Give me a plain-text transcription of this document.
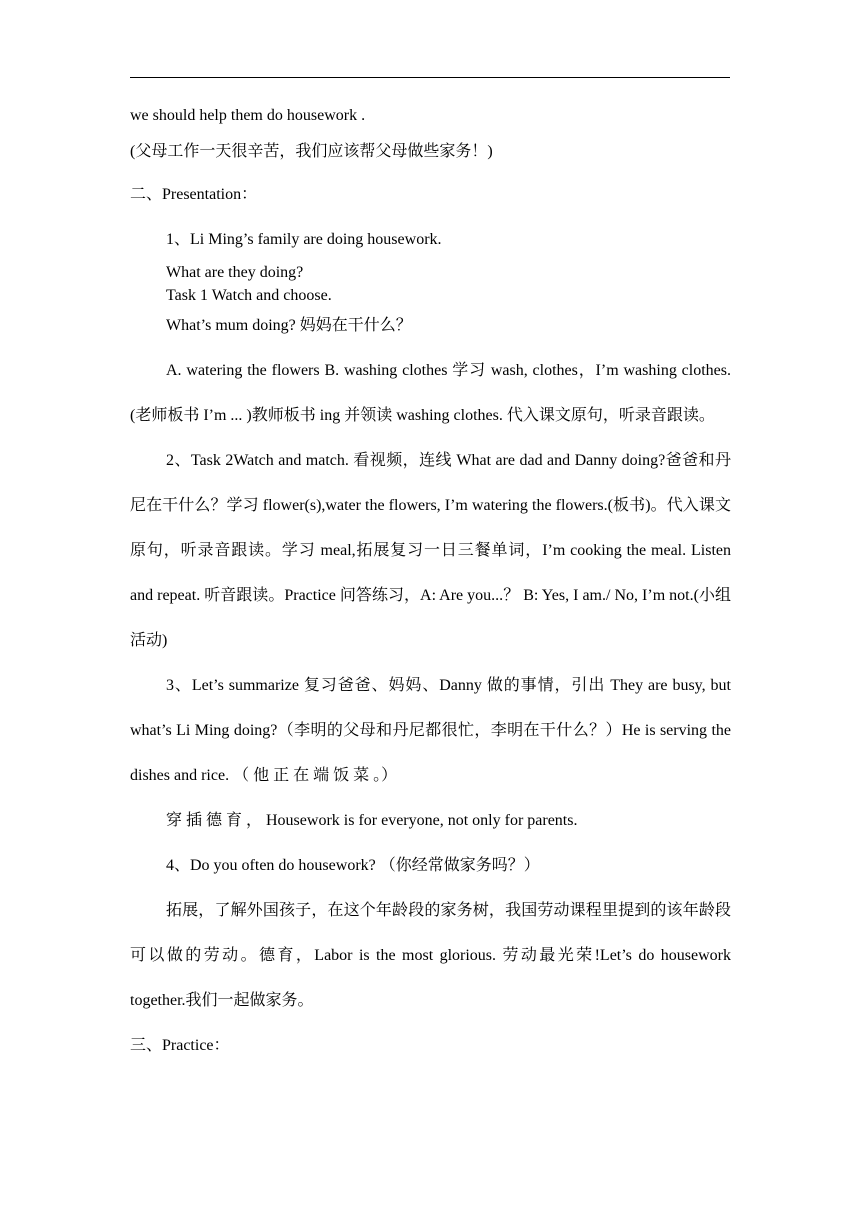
we should help them do housework .

(父母工作一天很辛苦，我们应该帮父母做些家务！)

二、Presentation：

1、Li Ming’s family are doing housework.

What are they doing?

Task 1 Watch and choose.

What’s mum doing? 妈妈在干什么？

A. watering the flowers B. washing clothes 学习 wash, clothes，I’m washing clothes. (老师板书 I’m ... )教师板书 ing 并领读 washing clothes. 代入课文原句，听录音跟读。

2、Task 2Watch and match. 看视频，连线 What are dad and Danny doing?爸爸和丹尼在干什么？学习 flower(s),water the flowers, I’m watering the flowers.(板书)。代入课文原句，听录音跟读。学习 meal,拓展复习一日三餐单词，I’m cooking the meal. Listen and repeat. 听音跟读。Practice 问答练习，A: Are you...？ B: Yes, I am./ No, I’m not.(小组活动)

3、Let’s summarize 复习爸爸、妈妈、Danny 做的事情，引出 They are busy, but what’s Li Ming doing?（李明的父母和丹尼都很忙，李明在干什么？）He is serving the dishes and rice. （ 他 正 在 端 饭 菜 。）

穿 插 德 育 ， Housework is for everyone, not only for parents.

4、Do you often do housework? （你经常做家务吗？）

拓展，了解外国孩子，在这个年龄段的家务树，我国劳动课程里提到的该年龄段可以做的劳动。德育，Labor is the most glorious. 劳动最光荣!Let’s do housework together.我们一起做家务。

三、Practice：
